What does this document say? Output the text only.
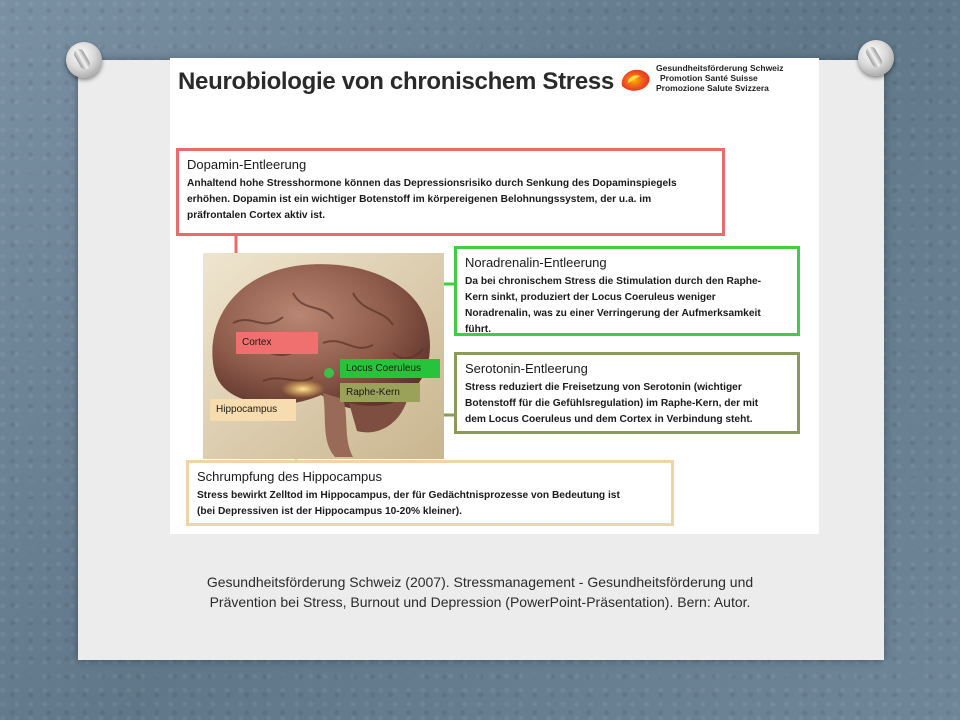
Neurobiologie von chronischem Stress	Gesundheitsförderung Schweiz
Promotion Santé Suisse
Promozione Salute Svizzera
Cortex
Locus Coeruleus
Raphe-Kern
Hippocampus
Dopamin-Entleerung
Anhaltend hohe Stresshormone können das Depressionsrisiko durch Senkung des Dopaminspiegels
erhöhen. Dopamin ist ein wichtiger Botenstoff im körpereigenen Belohnungssystem, der u.a. im
präfrontalen Cortex aktiv ist.
Noradrenalin-Entleerung
Da bei chronischem Stress die Stimulation durch den Raphe-
Kern sinkt, produziert der Locus Coeruleus weniger
Noradrenalin, was zu einer Verringerung der Aufmerksamkeit
führt.
Serotonin-Entleerung
Stress reduziert die Freisetzung von Serotonin (wichtiger
Botenstoff für die Gefühlsregulation) im Raphe-Kern, der mit
dem Locus Coeruleus und dem Cortex in Verbindung steht.
Schrumpfung des Hippocampus
Stress bewirkt Zelltod im Hippocampus, der für Gedächtnisprozesse von Bedeutung ist
(bei Depressiven ist der Hippocampus 10-20% kleiner).
Gesundheitsförderung Schweiz (2007). Stressmanagement - Gesundheitsförderung und
Prävention bei Stress, Burnout und Depression (PowerPoint-Präsentation). Bern: Autor.
